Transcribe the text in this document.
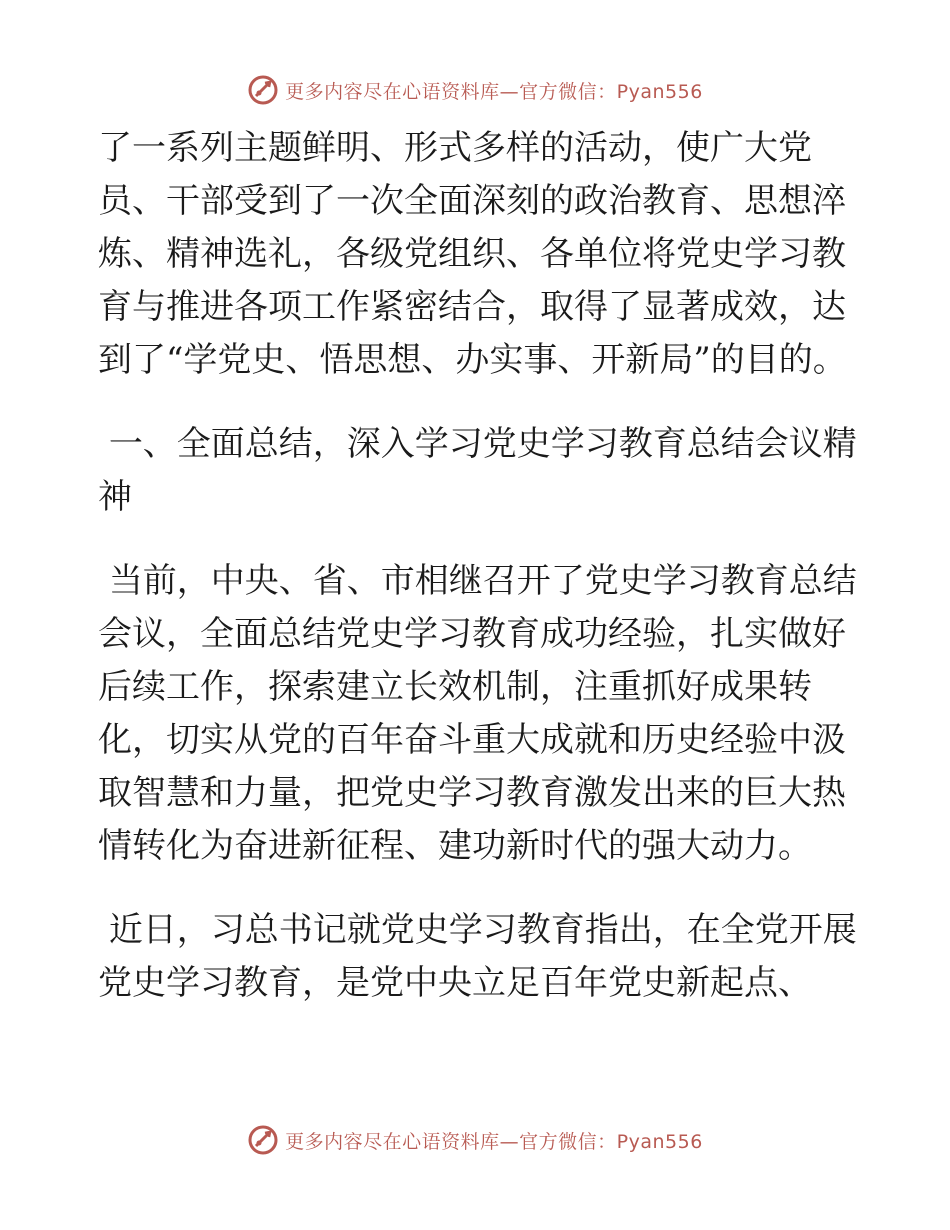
更多内容尽在心语资料库—官方微信：Pyan556

了一系列主题鲜明、形式多样的活动，使广大党员、干部受到了一次全面深刻的政治教育、思想淬炼、精神选礼，各级党组织、各单位将党史学习教育与推进各项工作紧密结合，取得了显著成效，达到了“学党史、悟思想、办实事、开新局”的目的。

一、全面总结，深入学习党史学习教育总结会议精神

当前，中央、省、市相继召开了党史学习教育总结会议，全面总结党史学习教育成功经验，扎实做好后续工作，探索建立长效机制，注重抓好成果转化，切实从党的百年奋斗重大成就和历史经验中汲取智慧和力量，把党史学习教育激发出来的巨大热情转化为奋进新征程、建功新时代的强大动力。

近日，习总书记就党史学习教育指出，在全党开展党史学习教育，是党中央立足百年党史新起点、

更多内容尽在心语资料库—官方微信：Pyan556
